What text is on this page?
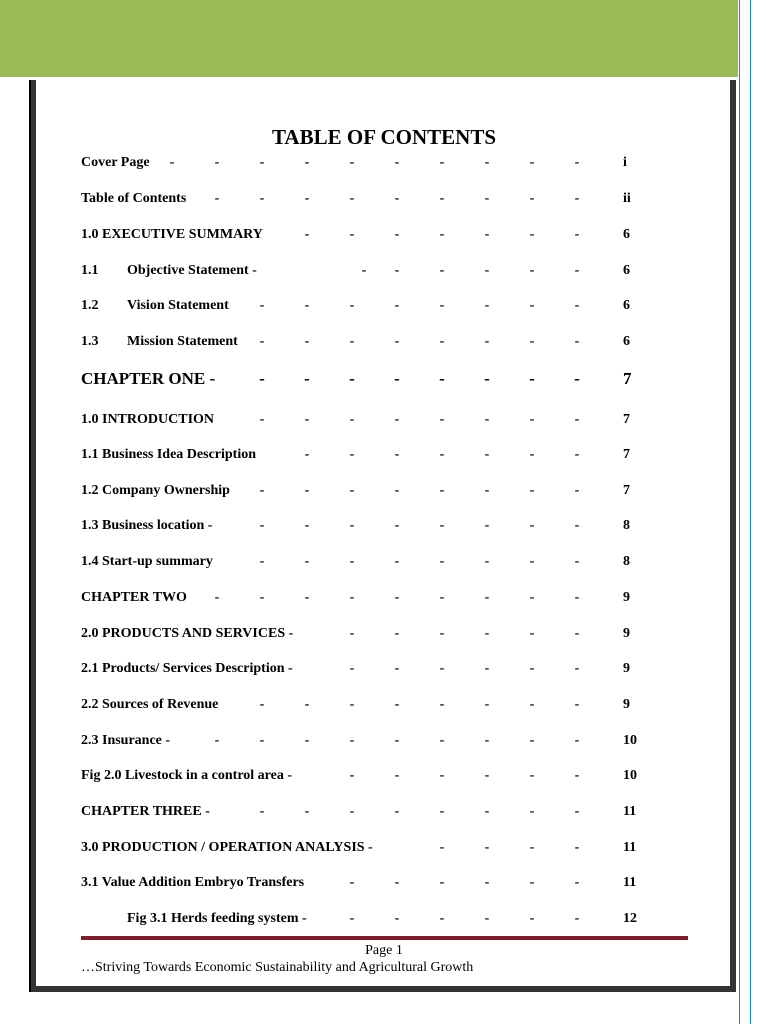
TABLE OF CONTENTS
Cover Page -	-	-	-	-	-	-	-	-	-	i
Table of Contents -	-	-	-	-	-	-	-	-	ii
1.0 EXECUTIVE SUMMARY	-	-	-	-	-	-	-	6
1.1 Objective Statement -	- -	-	-	-	-	6
1.2 Vision Statement -	-	-	-	-	-	-	-	6
1.3 Mission Statement -	-	-	-	-	-	-	-	6
CHAPTER ONE -	- - - - - - - -	7
1.0 INTRODUCTION	-	-	-	-	-	-	-	-	7
1.1 Business Idea Description	-	-	-	-	-	-	-	7
1.2 Company Ownership -	-	-	-	-	-	-	-	7
1.3 Business location -	-	-	-	-	-	-	-	-	8
1.4 Start-up summary	-	-	-	-	-	-	-	-	8
CHAPTER TWO -	-	-	-	-	-	-	-	-	9
2.0 PRODUCTS AND SERVICES -	-	-	-	-	-	-	9
2.1 Products/ Services Description -	-	-	-	-	-	-	9
2.2 Sources of Revenue	-	-	-	-	-	-	-	-	9
2.3 Insurance -	-	-	-	-	-	-	-	-	-	10
Fig 2.0 Livestock in a control area -	-	-	-	-	-	-	10
CHAPTER THREE -	-	-	-	-	-	-	-	-	11
3.0 PRODUCTION / OPERATION ANALYSIS -	-	-	-	-	11
3.1 Value Addition Embryo Transfers	-	-	-	-	-	-	11
Fig 3.1 Herds feeding system -	-	-	-	-	-	-	12
Page 1
…Striving Towards Economic Sustainability and Agricultural Growth
